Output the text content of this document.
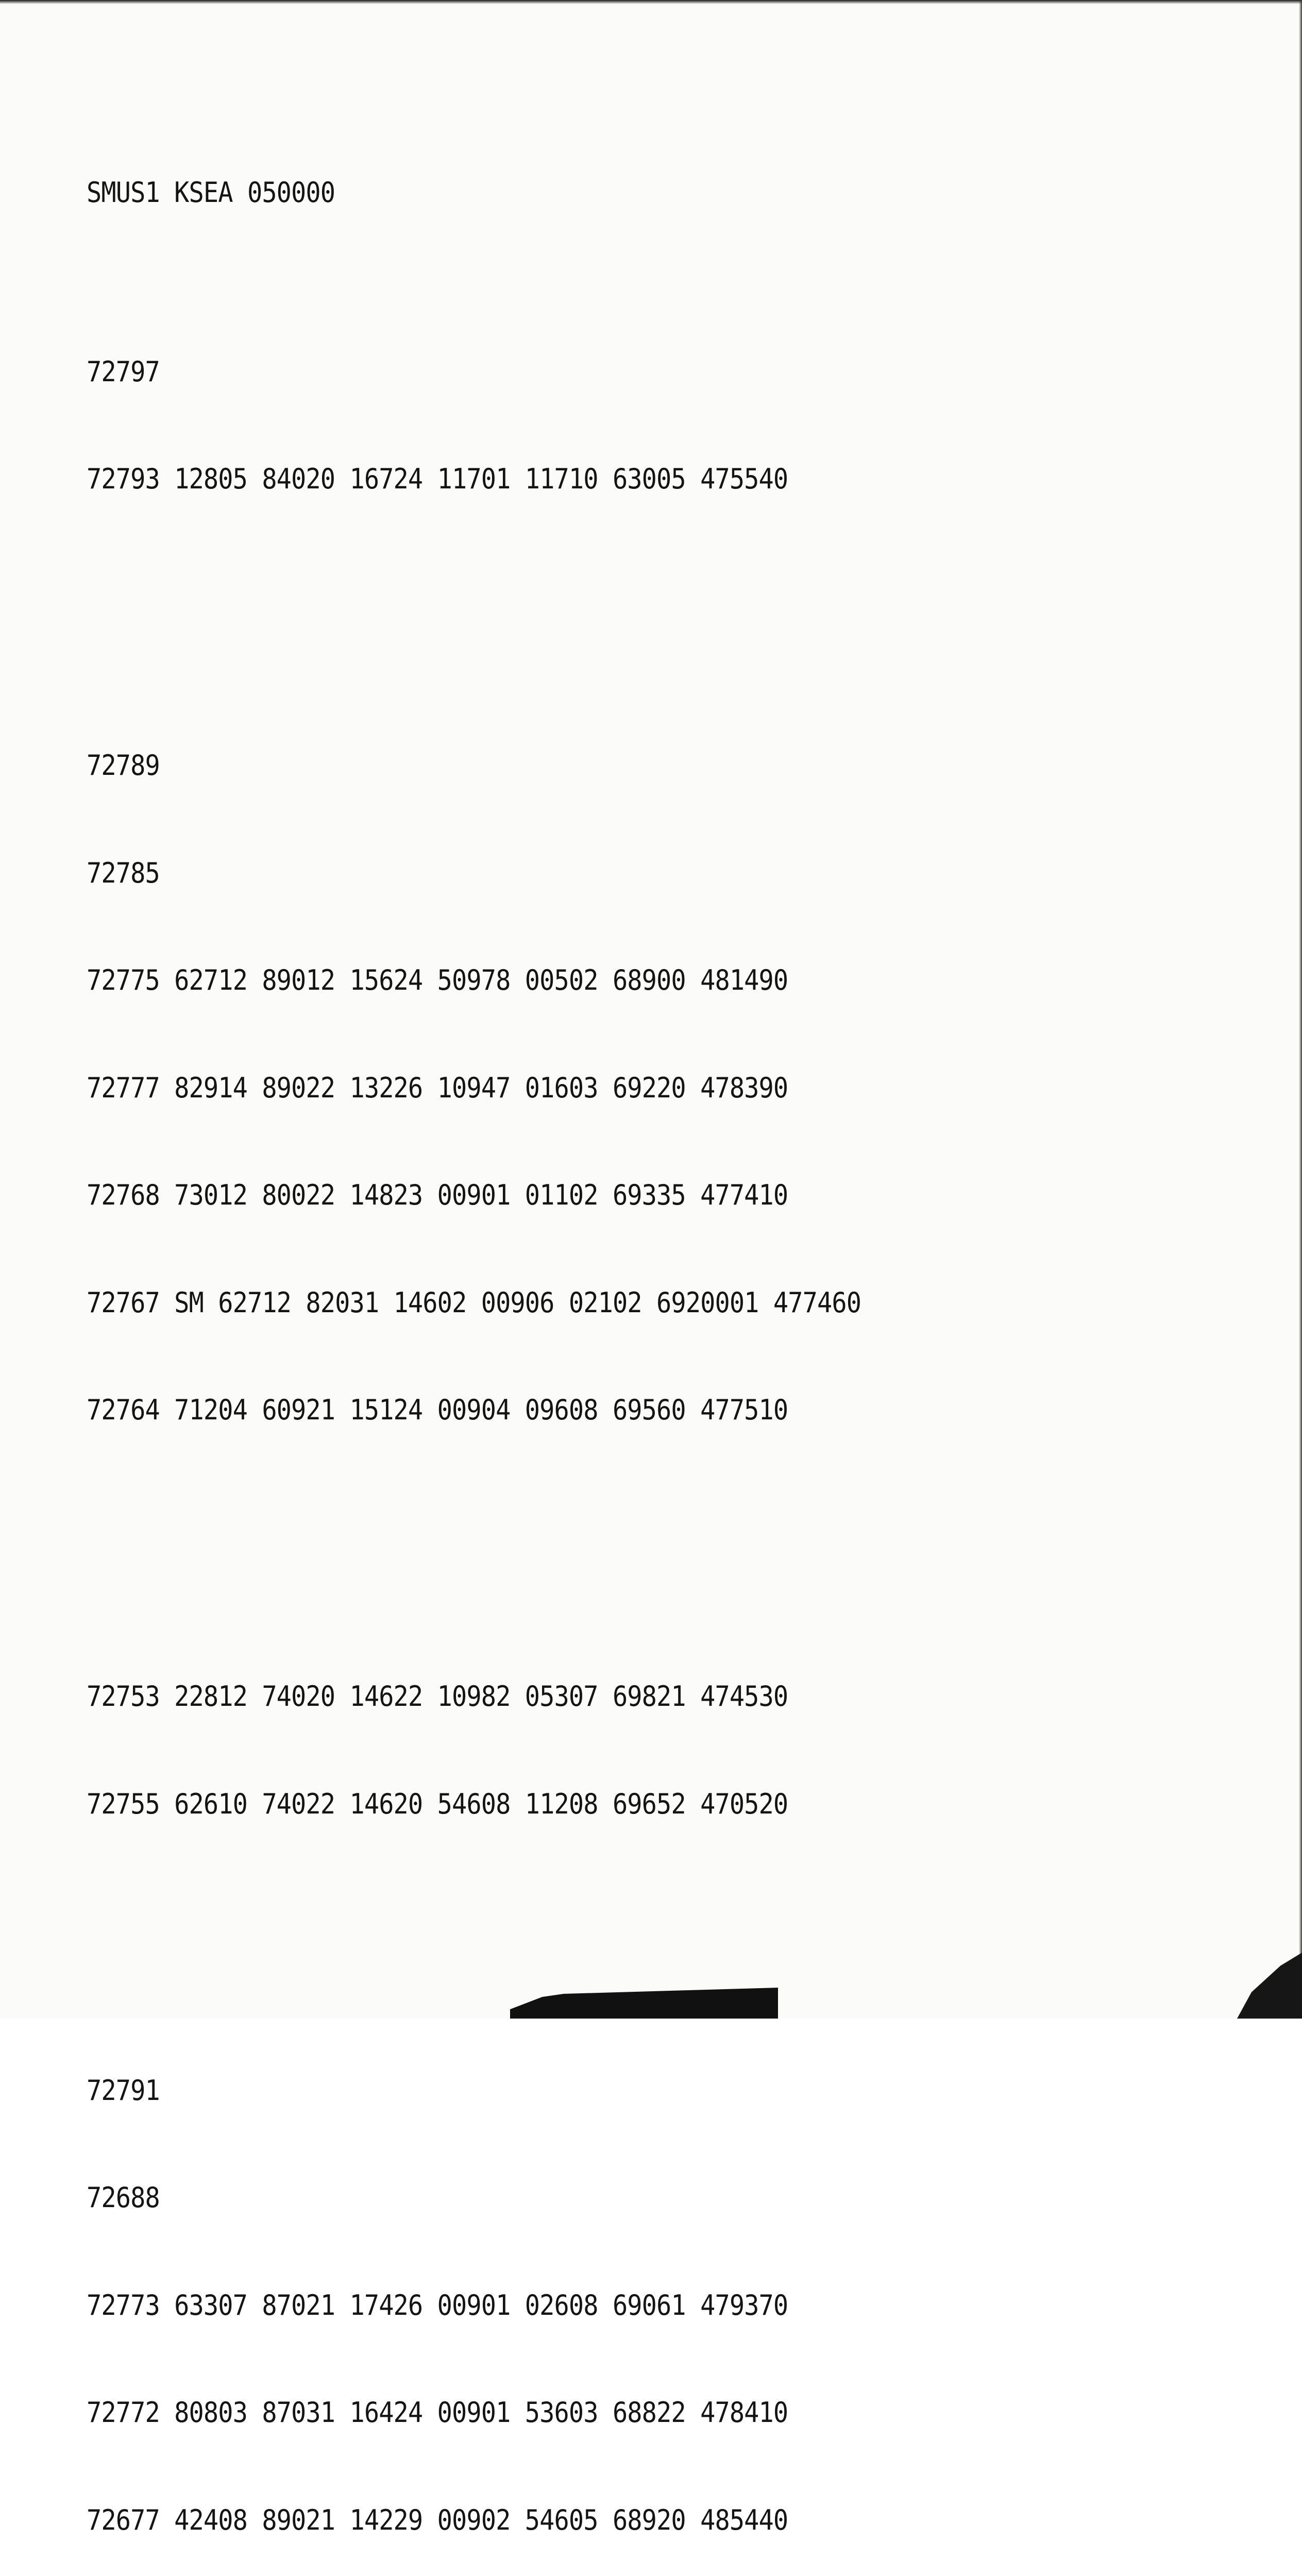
SMUS1 KSEA 050000

72797

72793 12805 84020 16724 11701 11710 63005 475540

72789

72785

72775 62712 89012 15624 50978 00502 68900 481490

72777 82914 89022 13226 10947 01603 69220 478390

72768 73012 80022 14823 00901 01102 69335 477410

72767 SM 62712 82031 14602 00906 02102 6920001 477460

72764 71204 60921 15124 00904 09608 69560 477510

72753 22812 74020 14622 10982 05307 69821 474530

72755 62610 74022 14620 54608 11208 69652 470520

72791

72688

72773 63307 87021 17426 00901 02608 69061 479370

72772 80803 87031 16424 00901 53603 68822 478410

72677 42408 89021 14229 00902 54605 68920 485440
